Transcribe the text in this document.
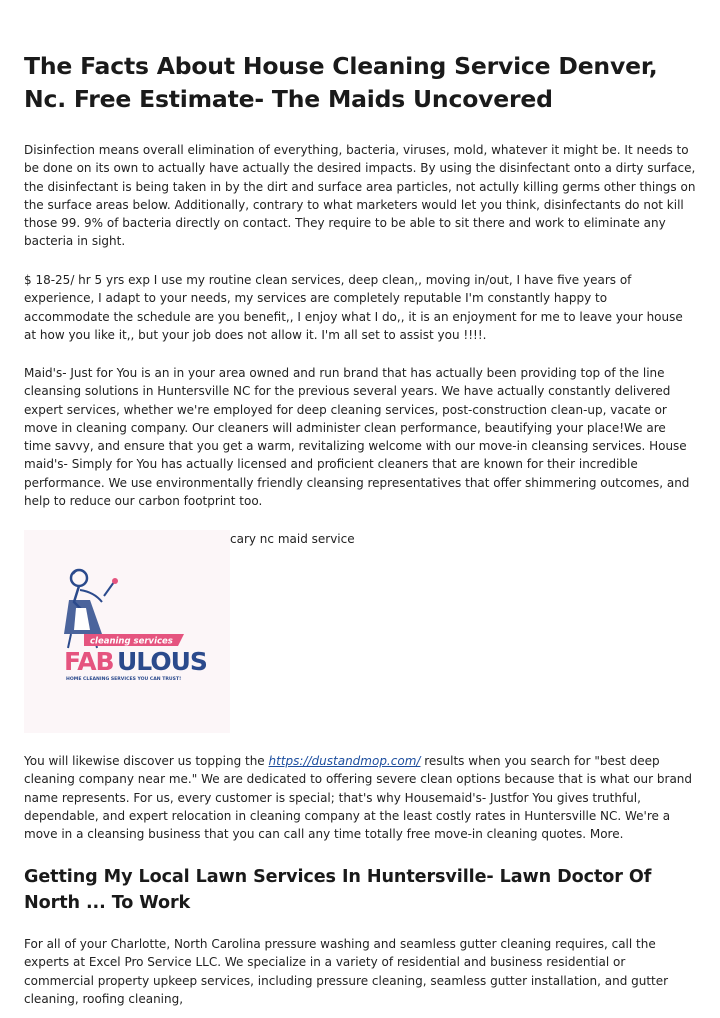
The Facts About House Cleaning Service Denver, Nc. Free Estimate- The Maids Uncovered

Disinfection means overall elimination of everything, bacteria, viruses, mold, whatever it might be. It needs to be done on its own to actually have actually the desired impacts. By using the disinfectant onto a dirty surface, the disinfectant is being taken in by the dirt and surface area particles, not actully killing germs other things on the surface areas below. Additionally, contrary to what marketers would let you think, disinfectants do not kill those 99. 9% of bacteria directly on contact. They require to be able to sit there and work to eliminate any bacteria in sight.

$ 18-25/ hr 5 yrs exp I use my routine clean services, deep clean,, moving in/out, I have five years of experience, I adapt to your needs, my services are completely reputable I'm constantly happy to accommodate the schedule are you benefit,, I enjoy what I do,, it is an enjoyment for me to leave your house at how you like it,, but your job does not allow it. I'm all set to assist you !!!!.

Maid's- Just for You is an in your area owned and run brand that has actually been providing top of the line cleansing solutions in Huntersville NC for the previous several years. We have actually constantly delivered expert services, whether we're employed for deep cleaning services, post-construction clean-up, vacate or move in cleaning company. Our cleaners will administer clean performance, beautifying your place!We are time savvy, and ensure that you get a warm, revitalizing welcome with our move-in cleansing services. House maid's- Simply for You has actually licensed and proficient cleaners that are known for their incredible performance. We use environmentally friendly cleansing representatives that offer shimmering outcomes, and help to reduce our carbon footprint too.

cleaning services
FAB ULOUS
HOME CLEANING SERVICES YOU CAN TRUST!
cary nc maid service

You will likewise discover us topping the https://dustandmop.com/ results when you search for "best deep cleaning company near me." We are dedicated to offering severe clean options because that is what our brand name represents. For us, every customer is special; that's why Housemaid's- Justfor You gives truthful, dependable, and expert relocation in cleaning company at the least costly rates in Huntersville NC. We're a move in a cleansing business that you can call any time totally free move-in cleaning quotes. More.

Getting My Local Lawn Services In Huntersville- Lawn Doctor Of North ... To Work

For all of your Charlotte, North Carolina pressure washing and seamless gutter cleaning requires, call the experts at Excel Pro Service LLC. We specialize in a variety of residential and business residential or commercial property upkeep services, including pressure cleaning, seamless gutter installation, and gutter cleaning, roofing cleaning,
